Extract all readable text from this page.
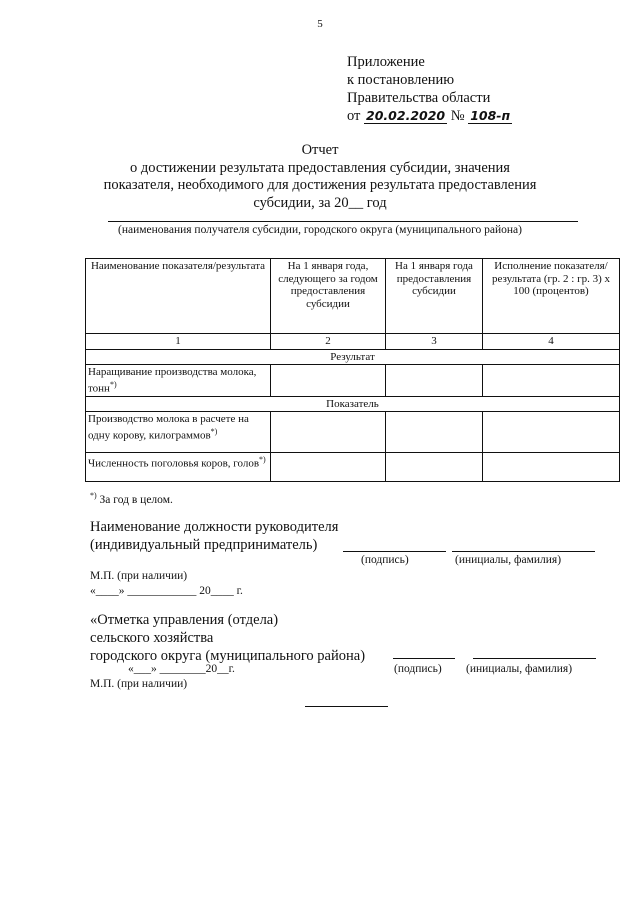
5
Приложение
к постановлению
Правительства области
от 20.02.2020 № 108-п
Отчет
о достижении результата предоставления субсидии, значения
показателя, необходимого для достижения результата предоставления
субсидии, за 20__ год
(наименования получателя субсидии, городского округа (муниципального района)
Наименование показателя/результата	На 1 января года, следующего за годом предоставления субсидии	На 1 января года предоставления субсидии	Исполнение показателя/результата (гр. 2 : гр. 3) х 100 (процентов)
1	2	3	4
Результат			
Наращивание производства молока, тонн*)			
Показатель			
Производство молока в расчете на одну корову, килограммов*)			
Численность поголовья коров, голов*)			
*) За год в целом.
Наименование должности руководителя
(индивидуальный предприниматель)
(подпись)	(инициалы, фамилия)
М.П. (при наличии)
«____» ____________ 20____ г.
«Отметка управления (отдела)
сельского хозяйства
городского округа (муниципального района)
«___» ________20__г.	(подпись) (инициалы, фамилия)
М.П. (при наличии)
